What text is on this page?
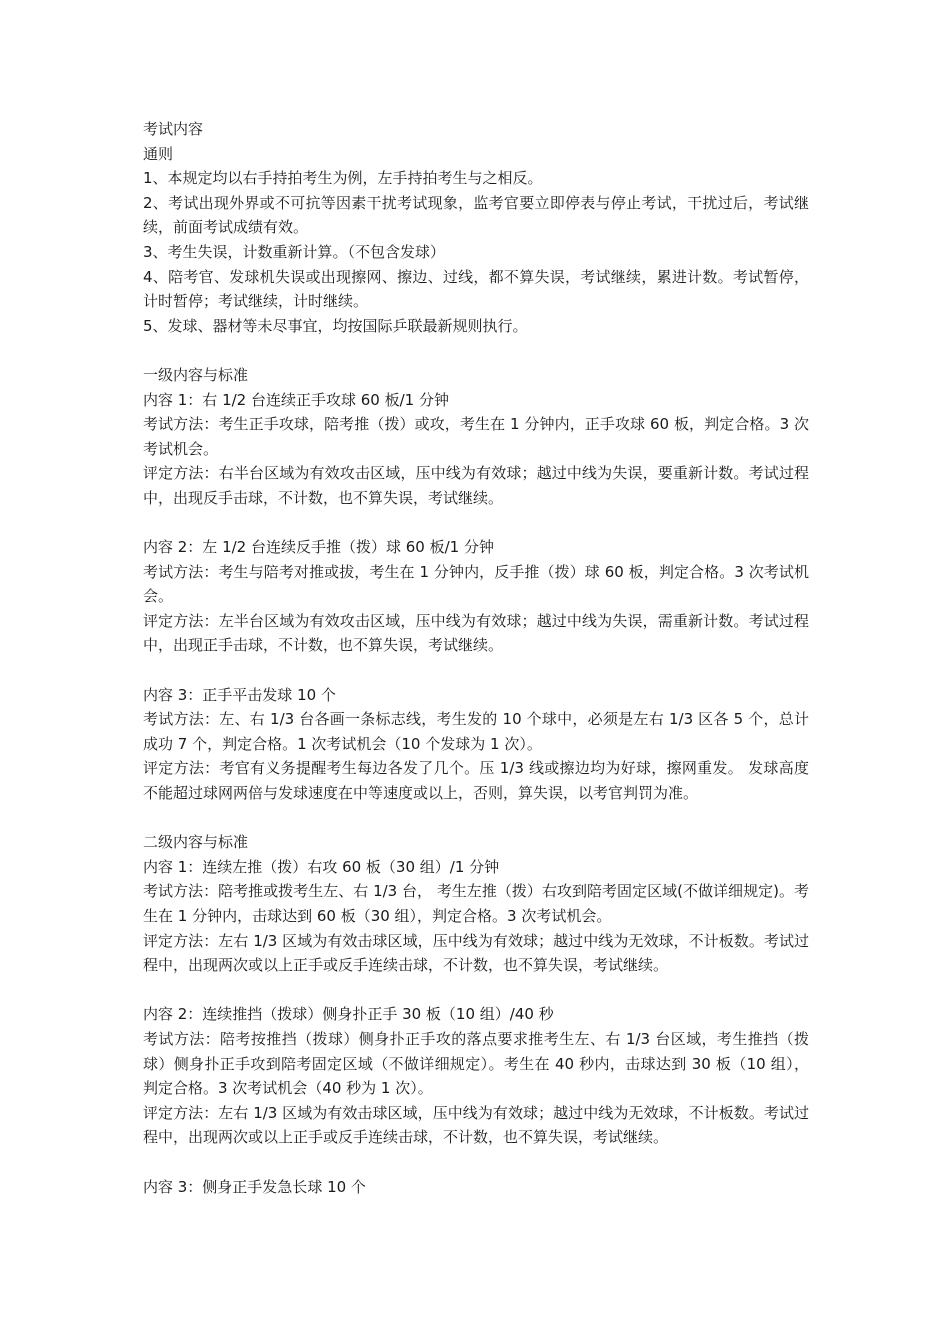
考试内容

通则

1、本规定均以右手持拍考生为例，左手持拍考生与之相反。

2、考试出现外界或不可抗等因素干扰考试现象，监考官要立即停表与停止考试，干扰过后，考试继续，前面考试成绩有效。

3、考生失误，计数重新计算。（不包含发球）

4、陪考官、发球机失误或出现擦网、擦边、过线，都不算失误，考试继续，累进计数。考试暂停，计时暂停；考试继续，计时继续。

5、发球、器材等未尽事宜，均按国际乒联最新规则执行。

一级内容与标准

内容 1：右 1/2 台连续正手攻球 60 板/1 分钟

考试方法：考生正手攻球，陪考推（拨）或攻，考生在 1 分钟内，正手攻球 60 板，判定合格。3 次考试机会。

评定方法：右半台区域为有效攻击区域，压中线为有效球；越过中线为失误，要重新计数。考试过程中，出现反手击球，不计数，也不算失误，考试继续。

内容 2：左 1/2 台连续反手推（拨）球 60 板/1 分钟

考试方法：考生与陪考对推或拔，考生在 1 分钟内，反手推（拨）球 60 板，判定合格。3 次考试机会。

评定方法：左半台区域为有效攻击区域，压中线为有效球；越过中线为失误，需重新计数。考试过程中，出现正手击球，不计数，也不算失误，考试继续。

内容 3：正手平击发球 10 个

考试方法：左、右 1/3 台各画一条标志线，考生发的 10 个球中，必须是左右 1/3 区各 5 个，总计成功 7 个，判定合格。1 次考试机会（10 个发球为 1 次）。

评定方法：考官有义务提醒考生每边各发了几个。压 1/3 线或擦边均为好球，擦网重发。 发球高度不能超过球网两倍与发球速度在中等速度或以上，否则，算失误，以考官判罚为准。

二级内容与标准

内容 1：连续左推（拨）右攻 60 板（30 组）/1 分钟

考试方法：陪考推或拨考生左、右 1/3 台， 考生左推（拨）右攻到陪考固定区域(不做详细规定)。考生在 1 分钟内，击球达到 60 板（30 组），判定合格。3 次考试机会。

评定方法：左右 1/3 区域为有效击球区域，压中线为有效球；越过中线为无效球，不计板数。考试过程中，出现两次或以上正手或反手连续击球，不计数，也不算失误，考试继续。

内容 2：连续推挡（拨球）侧身扑正手 30 板（10 组）/40 秒

考试方法：陪考按推挡（拨球）侧身扑正手攻的落点要求推考生左、右 1/3 台区域，考生推挡（拨球）侧身扑正手攻到陪考固定区域（不做详细规定）。考生在 40 秒内，击球达到 30 板（10 组），判定合格。3 次考试机会（40 秒为 1 次）。

评定方法：左右 1/3 区域为有效击球区域，压中线为有效球；越过中线为无效球，不计板数。考试过程中，出现两次或以上正手或反手连续击球，不计数，也不算失误，考试继续。

内容 3：侧身正手发急长球 10 个
